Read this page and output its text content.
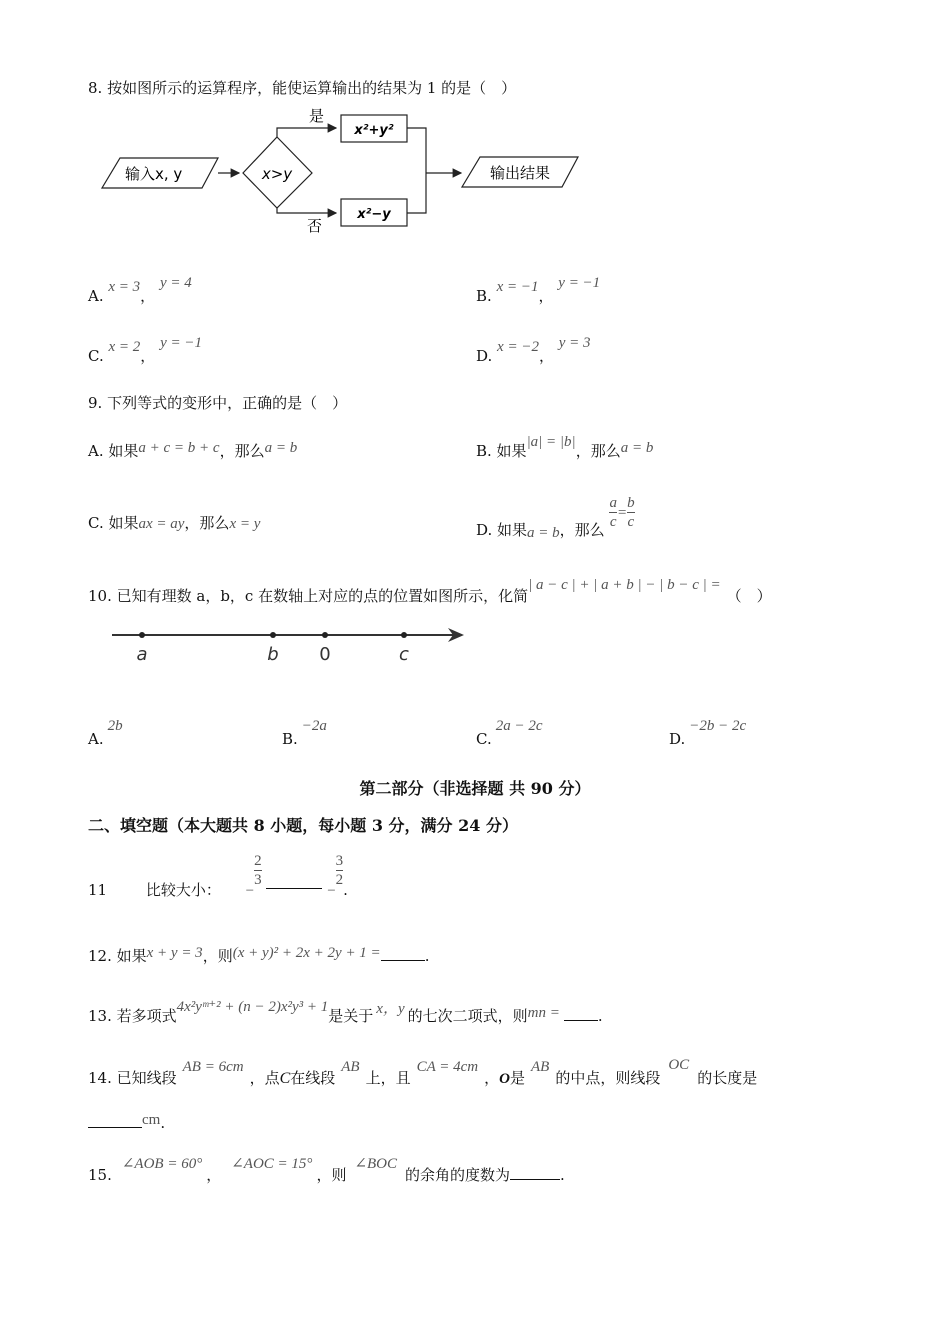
8. 按如图所示的运算程序，能使运算输出的结果为 1 的是（　）
输入x, y	x>y
是
否
x²+y²
x²−y
输出结果
A. x = 3， y = 4
B. x = −1， y = −1
C. x = 2， y = −1
D. x = −2， y = 3
9. 下列等式的变形中，正确的是（　）
A. 如果a + c = b + c，那么a = b	B. 如果|a| = |b|，那么a = b
C. 如果ax = ay，那么x = y	D. 如果a = b，那么 $\frac{a}{c} = \frac{b}{c}$
10. 已知有理数 a，b，c 在数轴上对应的点的位置如图所示，化简| a − c | + | a + b | − | b − c | =（　）
a	b 0	c
A.2b
B.−2a
C.2a − 2c
D.−2b − 2c
第二部分（非选择题 共 90 分）
二、填空题（本大题共 8 小题，每小题 3 分，满分 24 分）
11	比较大小： −
$\frac{2}{3}$
−
$\frac{3}{2}$
.
12. 如果x + y = 3，则(x + y)² + 2x + 2y + 1 =	.
13. 若多项式4x²yᵐ⁺² + (n − 2)x²y³ + 1是关于 x，y 的七次二项式，则mn =	.
14. 已知线段AB = 6cm，点C在线段AB上，且CA = 4cm，O是AB的中点，则线段OC的长度是
cm.
15.∠AOB = 60°，∠AOC = 15°，则∠BOC的余角的度数为	.
